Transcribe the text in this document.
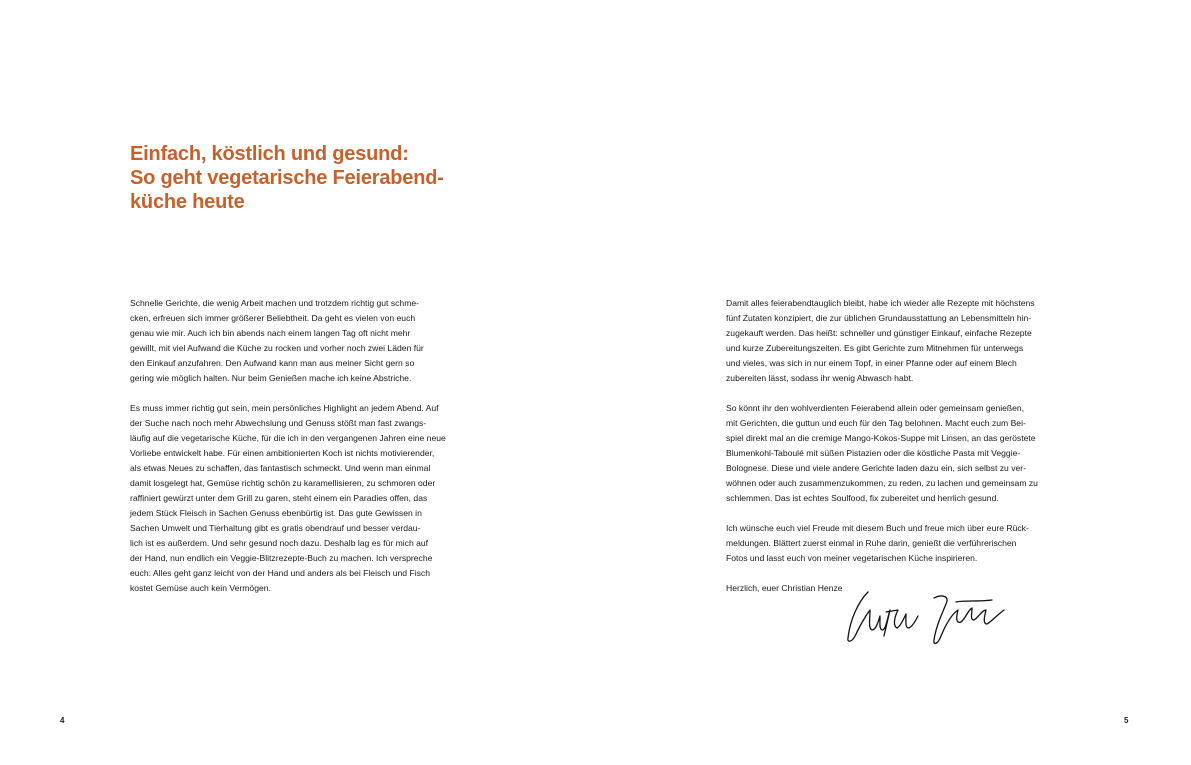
Einfach, köstlich und gesund:
So geht vegetarische Feierabend-
küche heute

Schnelle Gerichte, die wenig Arbeit machen und trotzdem richtig gut schme-
cken, erfreuen sich immer größerer Beliebtheit. Da geht es vielen von euch
genau wie mir. Auch ich bin abends nach einem langen Tag oft nicht mehr
gewillt, mit viel Aufwand die Küche zu rocken und vorher noch zwei Läden für
den Einkauf anzufahren. Den Aufwand kann man aus meiner Sicht gern so
gering wie möglich halten. Nur beim Genießen mache ich keine Abstriche.

Es muss immer richtig gut sein, mein persönliches Highlight an jedem Abend. Auf
der Suche nach noch mehr Abwechslung und Genuss stößt man fast zwangs-
läufig auf die vegetarische Küche, für die ich in den vergangenen Jahren eine neue
Vorliebe entwickelt habe. Für einen ambitionierten Koch ist nichts motivierender,
als etwas Neues zu schaffen, das fantastisch schmeckt. Und wenn man einmal
damit losgelegt hat, Gemüse richtig schön zu karamellisieren, zu schmoren oder
raffiniert gewürzt unter dem Grill zu garen, steht einem ein Paradies offen, das
jedem Stück Fleisch in Sachen Genuss ebenbürtig ist. Das gute Gewissen in
Sachen Umwelt und Tierhaltung gibt es gratis obendrauf und besser verdau-
lich ist es außerdem. Und sehr gesund noch dazu. Deshalb lag es für mich auf
der Hand, nun endlich ein Veggie-Blitzrezepte-Buch zu machen. Ich verspreche
euch: Alles geht ganz leicht von der Hand und anders als bei Fleisch und Fisch
kostet Gemüse auch kein Vermögen.

4

Damit alles feierabendtauglich bleibt, habe ich wieder alle Rezepte mit höchstens
fünf Zutaten konzipiert, die zur üblichen Grundausstattung an Lebensmitteln hin-
zugekauft werden. Das heißt: schneller und günstiger Einkauf, einfache Rezepte
und kurze Zubereitungszeiten. Es gibt Gerichte zum Mitnehmen für unterwegs
und vieles, was sich in nur einem Topf, in einer Pfanne oder auf einem Blech
zubereiten lässt, sodass ihr wenig Abwasch habt.

So könnt ihr den wohlverdienten Feierabend allein oder gemeinsam genießen,
mit Gerichten, die guttun und euch für den Tag belohnen. Macht euch zum Bei-
spiel direkt mal an die cremige Mango-Kokos-Suppe mit Linsen, an das geröstete
Blumenkohl-Taboulé mit süßen Pistazien oder die köstliche Pasta mit Veggie-
Bolognese. Diese und viele andere Gerichte laden dazu ein, sich selbst zu ver-
wöhnen oder auch zusammenzukommen, zu reden, zu lachen und gemeinsam zu
schlemmen. Das ist echtes Soulfood, fix zubereitet und herrlich gesund.

Ich wünsche euch viel Freude mit diesem Buch und freue mich über eure Rück-
meldungen. Blättert zuerst einmal in Ruhe darin, genießt die verführerischen
Fotos und lasst euch von meiner vegetarischen Küche inspirieren.

Herzlich, euer Christian Henze

5
